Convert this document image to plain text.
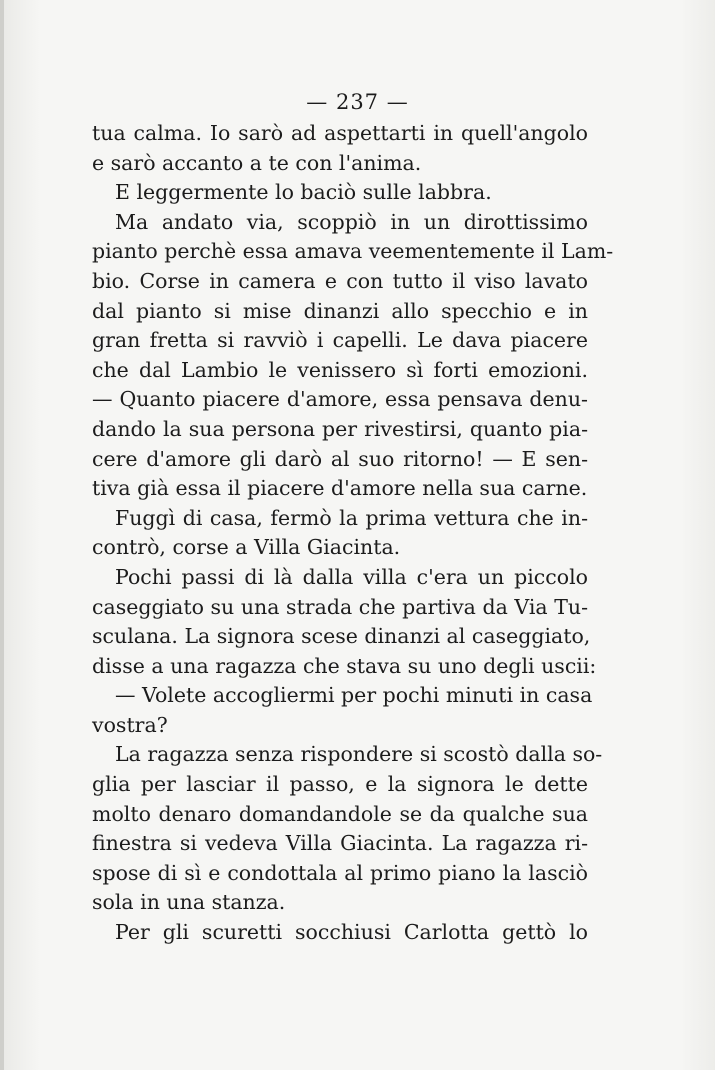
— 237 —
tua calma. Io sarò ad aspettarti in quell'angolo
e sarò accanto a te con l'anima.
E leggermente lo baciò sulle labbra.
Ma andato via, scoppiò in un dirottissimo
pianto perchè essa amava veementemente il Lam-
bio. Corse in camera e con tutto il viso lavato
dal pianto si mise dinanzi allo specchio e in
gran fretta si ravviò i capelli. Le dava piacere
che dal Lambio le venissero sì forti emozioni.
— Quanto piacere d'amore, essa pensava denu-
dando la sua persona per rivestirsi, quanto pia-
cere d'amore gli darò al suo ritorno! — E sen-
tiva già essa il piacere d'amore nella sua carne.
Fuggì di casa, fermò la prima vettura che in-
contrò, corse a Villa Giacinta.
Pochi passi di là dalla villa c'era un piccolo
caseggiato su una strada che partiva da Via Tu-
sculana. La signora scese dinanzi al caseggiato,
disse a una ragazza che stava su uno degli uscii:
— Volete accogliermi per pochi minuti in casa
vostra?
La ragazza senza rispondere si scostò dalla so-
glia per lasciar il passo, e la signora le dette
molto denaro domandandole se da qualche sua
finestra si vedeva Villa Giacinta. La ragazza ri-
spose di sì e condottala al primo piano la lasciò
sola in una stanza.
Per gli scuretti socchiusi Carlotta gettò lo
